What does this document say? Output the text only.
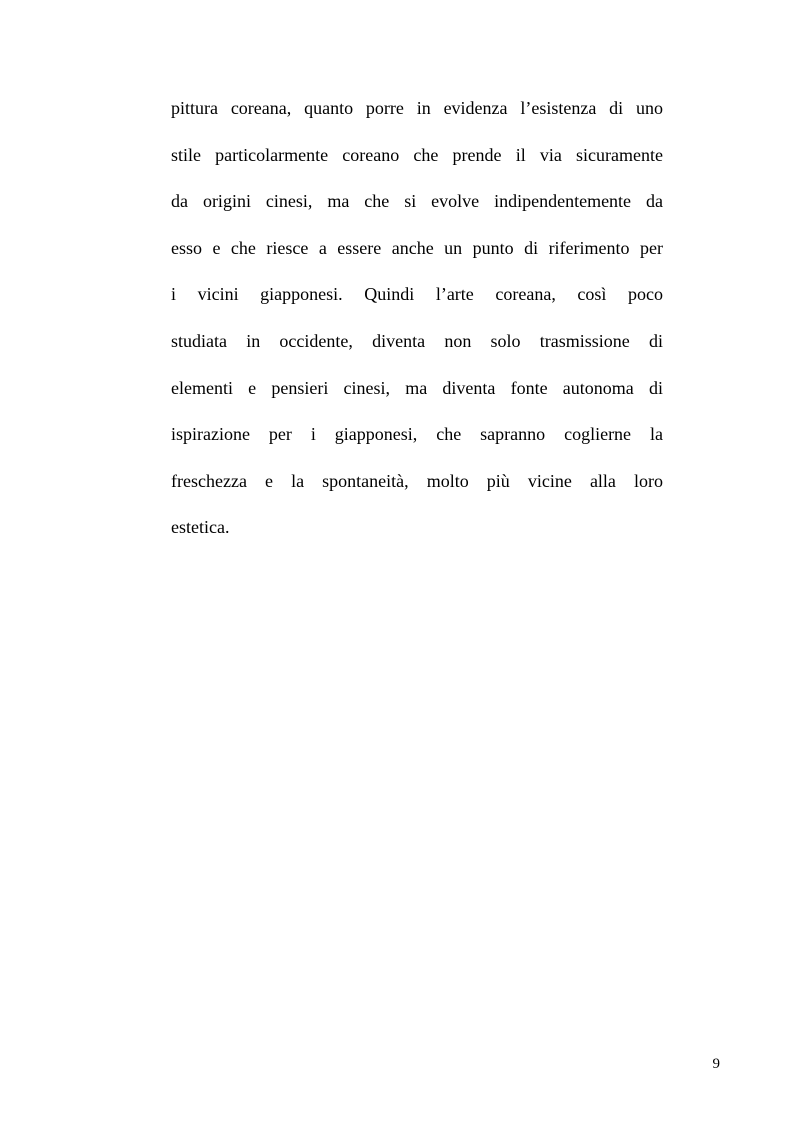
pittura coreana, quanto porre in evidenza l’esistenza di uno
stile particolarmente coreano che prende il via sicuramente
da origini cinesi, ma che si evolve indipendentemente da
esso e che riesce a essere anche un punto di riferimento per
i vicini giapponesi. Quindi l’arte coreana, così poco
studiata in occidente, diventa non solo trasmissione di
elementi e pensieri cinesi, ma diventa fonte autonoma di
ispirazione per i giapponesi, che sapranno coglierne la
freschezza e la spontaneità, molto più vicine alla loro
estetica.
9
